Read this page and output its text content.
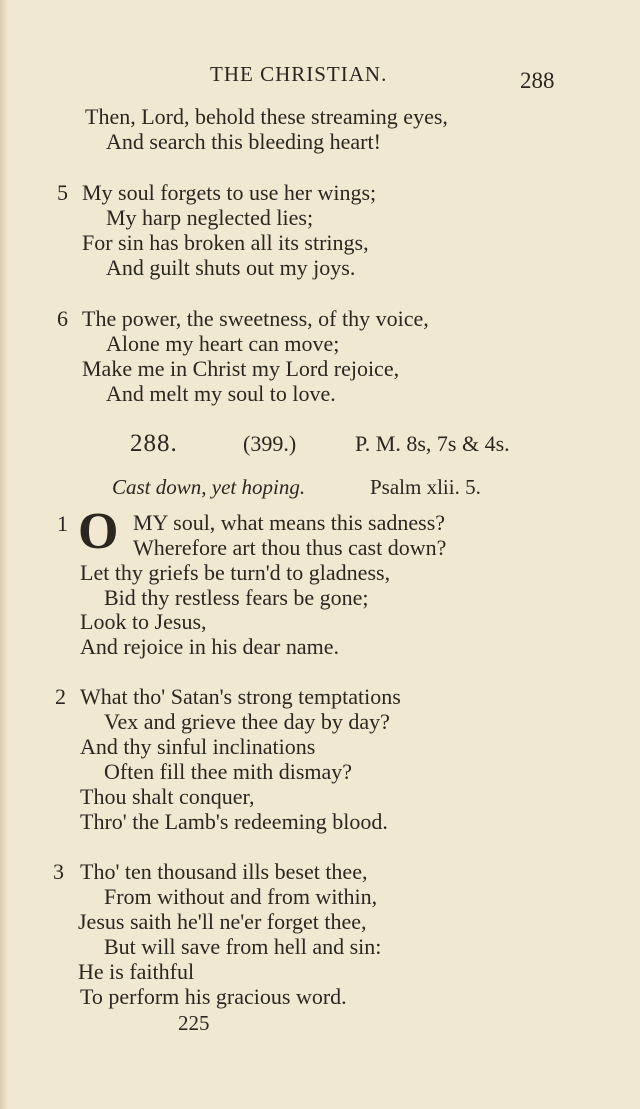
THE CHRISTIAN.	288
Then, Lord, behold these streaming eyes,
And search this bleeding heart!
5 My soul forgets to use her wings;
My harp neglected lies;
For sin has broken all its strings,
And guilt shuts out my joys.
6 The power, the sweetness, of thy voice,
Alone my heart can move;
Make me in Christ my Lord rejoice,
And melt my soul to love.
288.	(399.)	P. M. 8s, 7s & 4s.
Cast down, yet hoping.	Psalm xlii. 5.
1 O MY soul, what means this sadness?
Wherefore art thou thus cast down?
Let thy griefs be turn'd to gladness,
Bid thy restless fears be gone;
Look to Jesus,
And rejoice in his dear name.
2 What tho' Satan's strong temptations
Vex and grieve thee day by day?
And thy sinful inclinations
Often fill thee mith dismay?
Thou shalt conquer,
Thro' the Lamb's redeeming blood.
3 Tho' ten thousand ills beset thee,
From without and from within,
Jesus saith he'll ne'er forget thee,
But will save from hell and sin:
He is faithful
To perform his gracious word.
225
